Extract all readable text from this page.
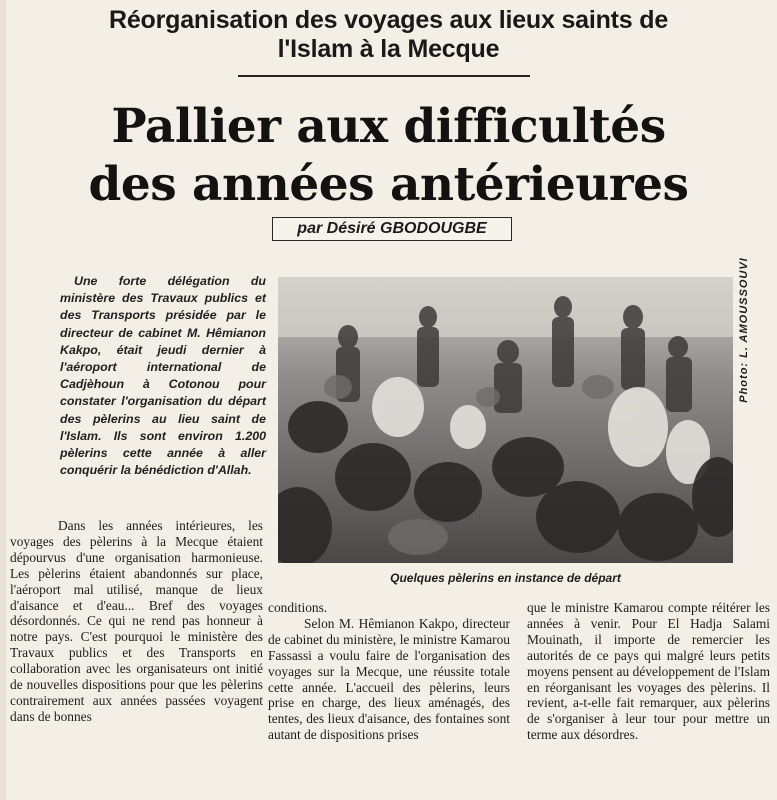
Réorganisation des voyages aux lieux saints de
l'Islam à la Mecque
Pallier aux difficultés
des années antérieures
par Désiré GBODOUGBE

Une forte délégation du ministère des Travaux publics et des Transports présidée par le directeur de cabinet M. Hêmianon Kakpo, était jeudi dernier à l'aéroport international de Cadjèhoun à Cotonou pour constater l'organisation du départ des pèlerins au lieu saint de l'Islam. Ils sont environ 1.200 pèlerins cette année à aller conquérir la bénédiction d'Allah.

Photo: L. AMOUSSOUVI
Quelques pèlerins en instance de départ

Dans les années intérieures, les voyages des pèlerins à la Mecque étaient dépourvus d'une organisation harmonieuse. Les pèlerins étaient abandonnés sur place, l'aéroport mal utilisé, manque de lieux d'aisance et d'eau... Bref des voyages désordonnés. Ce qui ne rend pas honneur à notre pays. C'est pourquoi le ministère des Travaux publics et des Transports en collaboration avec les organisateurs ont initié de nouvelles dispositions pour que les pèlerins contrairement aux années passées voyagent dans de bonnes

conditions.
Selon M. Hêmianon Kakpo, directeur de cabinet du ministère, le ministre Kamarou Fassassi a voulu faire de l'organisation des voyages sur la Mecque, une réussite totale cette année. L'accueil des pèlerins, leurs prise en charge, des lieux aménagés, des tentes, des lieux d'aisance, des fontaines sont autant de dispositions prises

que le ministre Kamarou compte réitérer les années à venir. Pour El Hadja Salami Mouinath, il importe de remercier les autorités de ce pays qui malgré leurs petits moyens pensent au développement de l'Islam en réorganisant les voyages des pèlerins. Il revient, a-t-elle fait remarquer, aux pèlerins de s'organiser à leur tour pour mettre un terme aux désordres.
